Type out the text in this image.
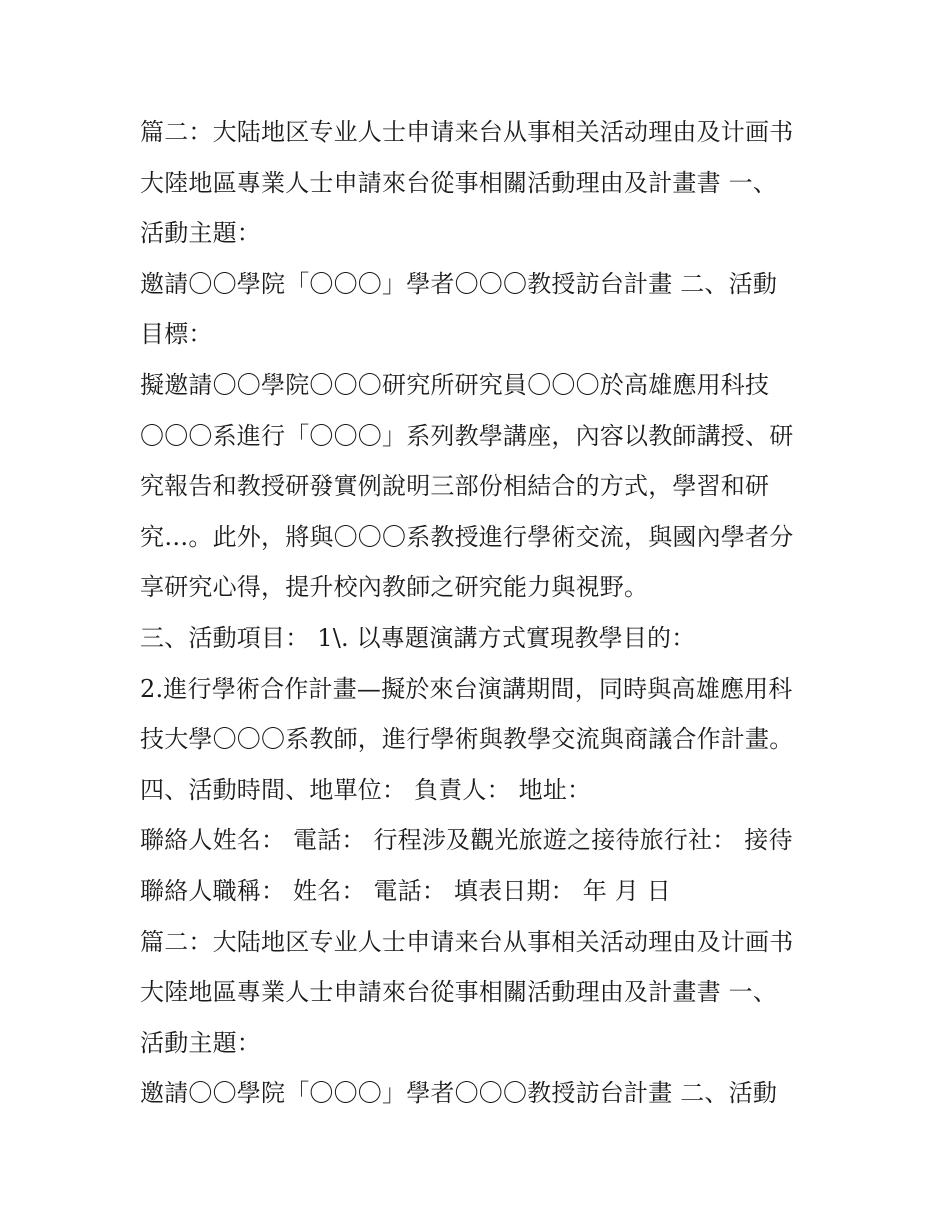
篇二：大陆地区专业人士申请来台从事相关活动理由及计画书
大陸地區專業人士申請來台從事相關活動理由及計畫書 一、
活動主題：
邀請〇〇學院「〇〇〇」學者〇〇〇教授訪台計畫 二、活動
目標：
擬邀請〇〇學院〇〇〇研究所研究員〇〇〇於高雄應用科技
〇〇〇系進行「〇〇〇」系列教學講座，內容以教師講授、研
究報告和教授研發實例說明三部份相結合的方式，學習和研
究…。此外，將與〇〇〇系教授進行學術交流，與國內學者分
享研究心得，提升校內教師之研究能力與視野。
三、活動項目： 1\. 以專題演講方式實現教學目的：
2.進行學術合作計畫—擬於來台演講期間，同時與高雄應用科
技大學〇〇〇系教師，進行學術與教學交流與商議合作計畫。
四、活動時間、地單位： 負責人： 地址：
聯絡人姓名： 電話： 行程涉及觀光旅遊之接待旅行社： 接待
聯絡人職稱： 姓名： 電話： 填表日期： 年 月 日
篇二：大陆地区专业人士申请来台从事相关活动理由及计画书
大陸地區專業人士申請來台從事相關活動理由及計畫書 一、
活動主題：
邀請〇〇學院「〇〇〇」學者〇〇〇教授訪台計畫 二、活動
